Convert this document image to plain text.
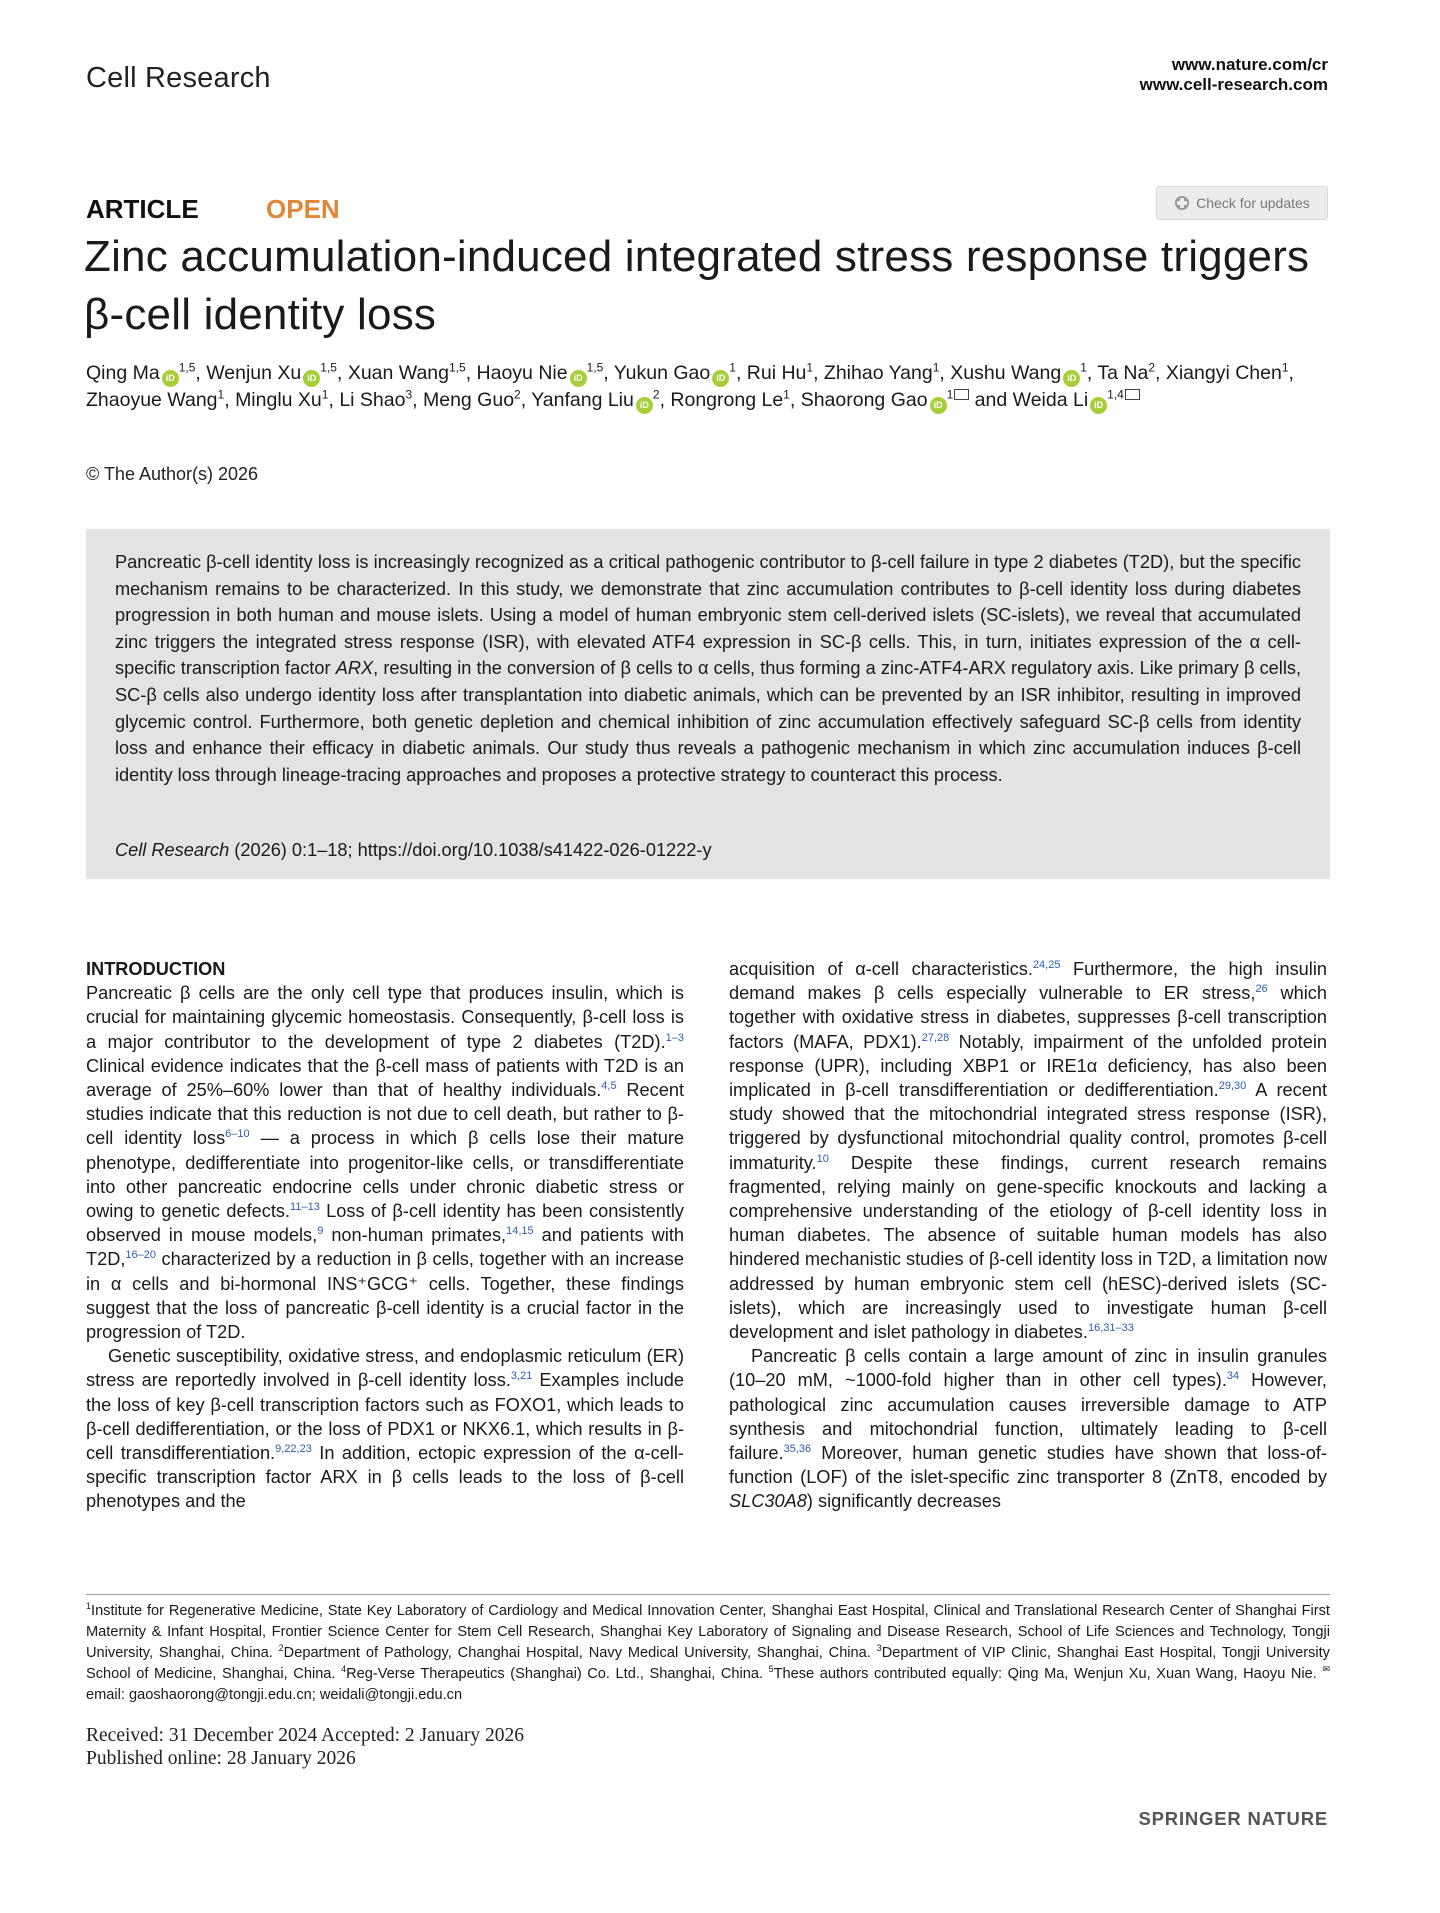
Cell Research	www.nature.com/cr
www.cell-research.com
ARTICLE	OPEN	Check for updates
Zinc accumulation-induced integrated stress response triggers
β-cell identity loss
Qing Ma iD$^{1,5}$, Wenjun Xu iD$^{1,5}$, Xuan Wang$^{1,5}$, Haoyu Nie iD$^{1,5}$, Yukun Gao $iD^1$, Rui Hu$^1$, Zhihao Yang$^1$, Xushu Wang $iD^1$, Ta Na$^2$, Xiangyi Chen$^1$, Zhaoyue Wang$^1$, Minglu Xu$^1$, Li Shao$^3$, Meng Guo$^2$, Yanfang Liu $iD^2$, Rongrong Le$^1$, Shaorong Gao $iD^1$ and Weida Li iD$^{1,4}$
© The Author(s) 2026
Pancreatic β-cell identity loss is increasingly recognized as a critical pathogenic contributor to β-cell failure in type 2 diabetes (T2D), but the specific mechanism remains to be characterized. In this study, we demonstrate that zinc accumulation contributes to β-cell identity loss during diabetes progression in both human and mouse islets. Using a model of human embryonic stem cell-derived islets (SC-islets), we reveal that accumulated zinc triggers the integrated stress response (ISR), with elevated ATF4 expression in SC-β cells. This, in turn, initiates expression of the α cell-specific transcription factor ARX, resulting in the conversion of β cells to α cells, thus forming a zinc-ATF4-ARX regulatory axis. Like primary β cells, SC-β cells also undergo identity loss after transplantation into diabetic animals, which can be prevented by an ISR inhibitor, resulting in improved glycemic control. Furthermore, both genetic depletion and chemical inhibition of zinc accumulation effectively safeguard SC-β cells from identity loss and enhance their efficacy in diabetic animals. Our study thus reveals a pathogenic mechanism in which zinc accumulation induces β-cell identity loss through lineage-tracing approaches and proposes a protective strategy to counteract this process.
Cell Research (2026) 0:1–18; https://doi.org/10.1038/s41422-026-01222-y
INTRODUCTION

Pancreatic β cells are the only cell type that produces insulin, which is crucial for maintaining glycemic homeostasis. Consequently, β-cell loss is a major contributor to the development of type 2 diabetes (T2D).$^{1-3}$ Clinical evidence indicates that the β-cell mass of patients with T2D is an average of 25%–60% lower than that of healthy individuals.$^{4,5}$ Recent studies indicate that this reduction is not due to cell death, but rather to β-cell identity loss$^{6-10}$ — a process in which β cells lose their mature phenotype, dedifferentiate into progenitor-like cells, or transdifferentiate into other pancreatic endocrine cells under chronic diabetic stress or owing to genetic defects.$^{11-13}$ Loss of β-cell identity has been consistently observed in mouse models,$^9$ non-human primates,$^{14,15}$ and patients with T2D,$^{16-20}$ characterized by a reduction in β cells, together with an increase in α cells and bi-hormonal INS⁺GCG⁺ cells. Together, these findings suggest that the loss of pancreatic β-cell identity is a crucial factor in the progression of T2D.

Genetic susceptibility, oxidative stress, and endoplasmic reticulum (ER) stress are reportedly involved in β-cell identity loss.$^{3,21}$ Examples include the loss of key β-cell transcription factors such as FOXO1, which leads to β-cell dedifferentiation, or the loss of PDX1 or NKX6.1, which results in β-cell transdifferentiation.$^{9,22,23}$ In addition, ectopic expression of the α-cell-specific transcription factor ARX in β cells leads to the loss of β-cell phenotypes and the

acquisition of α-cell characteristics.$^{24,25}$ Furthermore, the high insulin demand makes β cells especially vulnerable to ER stress,$^{26}$ which together with oxidative stress in diabetes, suppresses β-cell transcription factors (MAFA, PDX1).$^{27,28}$ Notably, impairment of the unfolded protein response (UPR), including XBP1 or IRE1α deficiency, has also been implicated in β-cell transdifferentiation or dedifferentiation.$^{29,30}$ A recent study showed that the mitochondrial integrated stress response (ISR), triggered by dysfunctional mitochondrial quality control, promotes β-cell immaturity.$^{10}$ Despite these findings, current research remains fragmented, relying mainly on gene-specific knockouts and lacking a comprehensive understanding of the etiology of β-cell identity loss in human diabetes. The absence of suitable human models has also hindered mechanistic studies of β-cell identity loss in T2D, a limitation now addressed by human embryonic stem cell (hESC)-derived islets (SC-islets), which are increasingly used to investigate human β-cell development and islet pathology in diabetes.$^{16,31-33}$

Pancreatic β cells contain a large amount of zinc in insulin granules (10–20 mM, ~1000-fold higher than in other cell types).$^{34}$ However, pathological zinc accumulation causes irreversible damage to ATP synthesis and mitochondrial function, ultimately leading to β-cell failure.$^{35,36}$ Moreover, human genetic studies have shown that loss-of-function (LOF) of the islet-specific zinc transporter 8 (ZnT8, encoded by SLC30A8) significantly decreases

$^1$Institute for Regenerative Medicine, State Key Laboratory of Cardiology and Medical Innovation Center, Shanghai East Hospital, Clinical and Translational Research Center of Shanghai First Maternity & Infant Hospital, Frontier Science Center for Stem Cell Research, Shanghai Key Laboratory of Signaling and Disease Research, School of Life Sciences and Technology, Tongji University, Shanghai, China. $^2$Department of Pathology, Changhai Hospital, Navy Medical University, Shanghai, China. $^3$Department of VIP Clinic, Shanghai East Hospital, Tongji University School of Medicine, Shanghai, China. $^4$Reg-Verse Therapeutics (Shanghai) Co. Ltd., Shanghai, China. $^5$These authors contributed equally: Qing Ma, Wenjun Xu, Xuan Wang, Haoyu Nie. ✉email: gaoshaorong@tongji.edu.cn; weidali@tongji.edu.cn
Received: 31 December 2024 Accepted: 2 January 2026
Published online: 28 January 2026
SPRINGER NATURE
